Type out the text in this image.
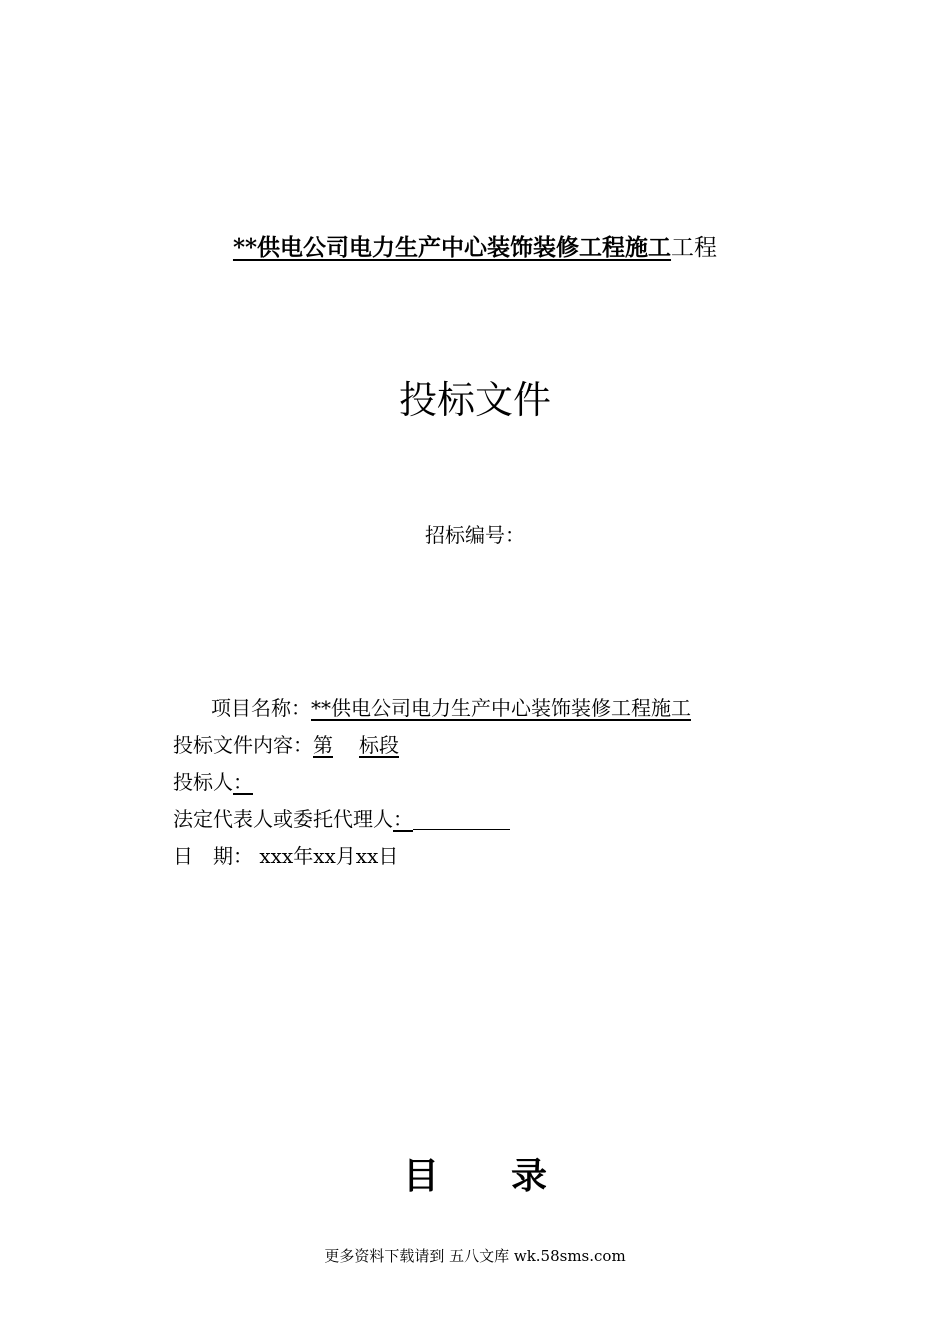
**供电公司电力生产中心装饰装修工程施工工程
投标文件
招标编号：
项目名称：**供电公司电力生产中心装饰装修工程施工
投标文件内容：第 标段
投标人：
法定代表人或委托代理人：
日　期： xxx年xx月xx日
目录
更多资料下载请到 五八文库 wk.58sms.com
